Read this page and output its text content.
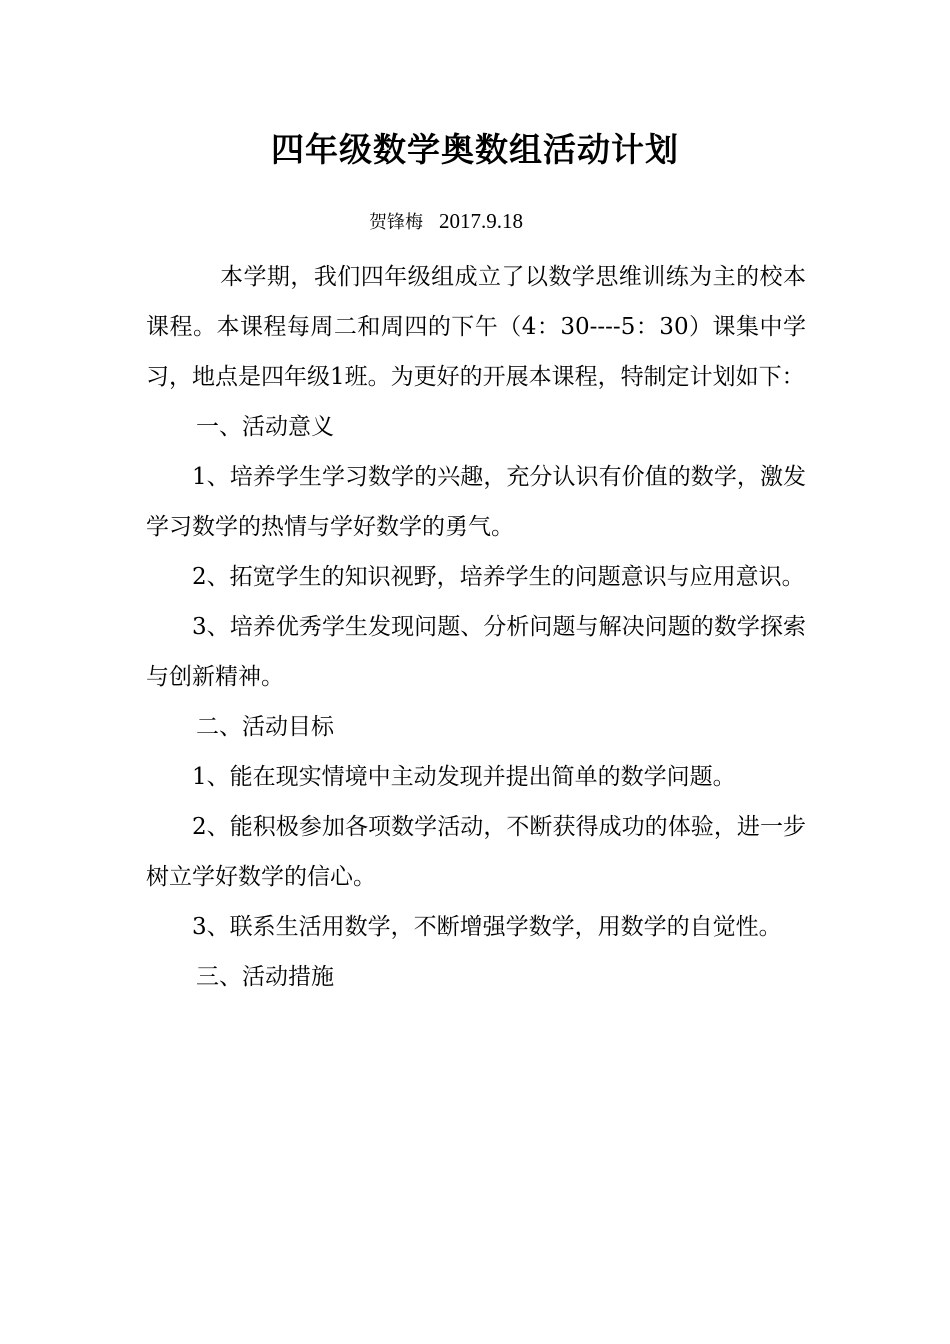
四年级数学奥数组活动计划
贺锋梅 2017.9.18

本学期，我们四年级组成立了以数学思维训练为主的校本课程。本课程每周二和周四的下午（4：30----5：30）课集中学习，地点是四年级1班。为更好的开展本课程，特制定计划如下：

一、活动意义

1、培养学生学习数学的兴趣，充分认识有价值的数学，激发学习数学的热情与学好数学的勇气。

2、拓宽学生的知识视野，培养学生的问题意识与应用意识。

3、培养优秀学生发现问题、分析问题与解决问题的数学探索与创新精神。

二、活动目标

1、能在现实情境中主动发现并提出简单的数学问题。

2、能积极参加各项数学活动，不断获得成功的体验，进一步树立学好数学的信心。

3、联系生活用数学，不断增强学数学，用数学的自觉性。

三、活动措施
